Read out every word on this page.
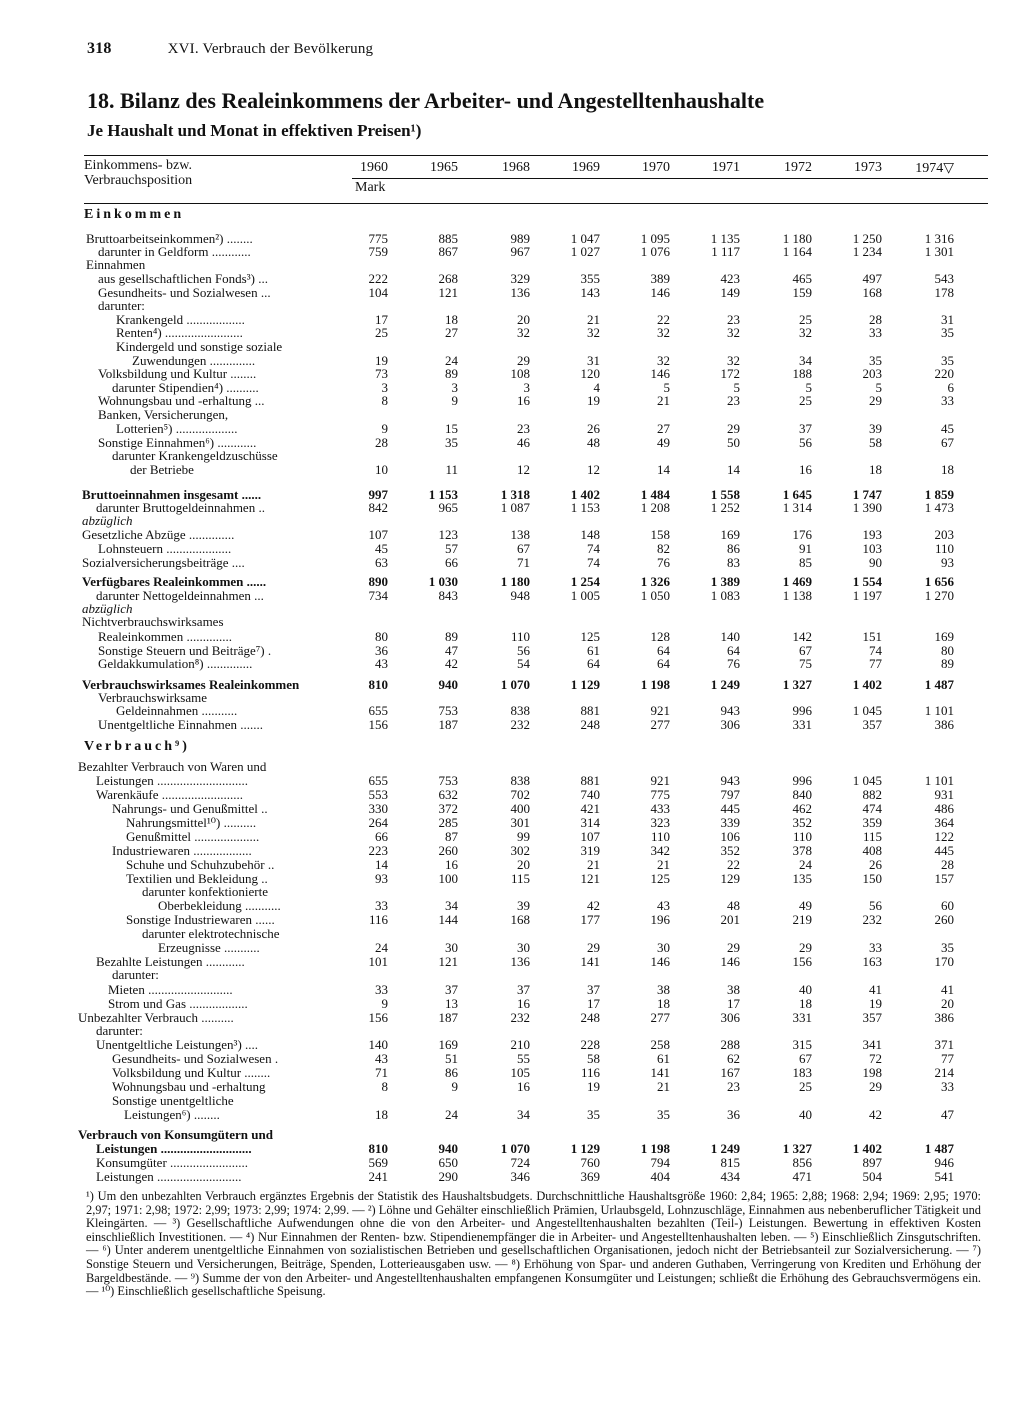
318	XVI. Verbrauch der Bevölkerung
18. Bilanz des Realeinkommens der Arbeiter- und Angestelltenhaushalte
Je Haushalt und Monat in effektiven Preisen¹)
Einkommens- bzw.
Verbrauchsposition
1960	1965	1968	1969	1970	1971	1972	1973	1974▽
Mark
Einkommen
Verbrauch⁹)
Bruttoarbeitseinkommen²) ........	775	885	989	1 047	1 095	1 135	1 180	1 250	1 316
darunter in Geldform ............	759	867	967	1 027	1 076	1 117	1 164	1 234	1 301
Einnahmen
aus gesellschaftlichen Fonds³) ...	222	268	329	355	389	423	465	497	543
Gesundheits- und Sozialwesen ...	104	121	136	143	146	149	159	168	178
darunter:
Krankengeld ..................	17	18	20	21	22	23	25	28	31
Renten⁴) ........................	25	27	32	32	32	32	32	33	35
Kindergeld und sonstige soziale
Zuwendungen ..............	19	24	29	31	32	32	34	35	35
Volksbildung und Kultur ........	73	89	108	120	146	172	188	203	220
darunter Stipendien⁴) ..........	3	3	3	4	5	5	5	5	6
Wohnungsbau und -erhaltung ...	8	9	16	19	21	23	25	29	33
Banken, Versicherungen,
Lotterien⁵) ...................	9	15	23	26	27	29	37	39	45
Sonstige Einnahmen⁶) ............	28	35	46	48	49	50	56	58	67
darunter Krankengeldzuschüsse
der Betriebe	10	11	12	12	14	14	16	18	18
Bruttoeinnahmen insgesamt ......	997	1 153	1 318	1 402	1 484	1 558	1 645	1 747	1 859
darunter Bruttogeldeinnahmen ..	842	965	1 087	1 153	1 208	1 252	1 314	1 390	1 473
abzüglich
Gesetzliche Abzüge ..............	107	123	138	148	158	169	176	193	203
Lohnsteuern ....................	45	57	67	74	82	86	91	103	110
Sozialversicherungsbeiträge ....	63	66	71	74	76	83	85	90	93
Verfügbares Realeinkommen ......	890	1 030	1 180	1 254	1 326	1 389	1 469	1 554	1 656
darunter Nettogeldeinnahmen ...	734	843	948	1 005	1 050	1 083	1 138	1 197	1 270
abzüglich
Nichtverbrauchswirksames
Realeinkommen ..............	80	89	110	125	128	140	142	151	169
Sonstige Steuern und Beiträge⁷) .	36	47	56	61	64	64	67	74	80
Geldakkumulation⁸) ..............	43	42	54	64	64	76	75	77	89
Verbrauchswirksames Realeinkommen	810	940	1 070	1 129	1 198	1 249	1 327	1 402	1 487
Verbrauchswirksame
Geldeinnahmen ...........	655	753	838	881	921	943	996	1 045	1 101
Unentgeltliche Einnahmen .......	156	187	232	248	277	306	331	357	386
Bezahlter Verbrauch von Waren und
Leistungen ............................	655	753	838	881	921	943	996	1 045	1 101
Warenkäufe .........................	553	632	702	740	775	797	840	882	931
Nahrungs- und Genußmittel ..	330	372	400	421	433	445	462	474	486
Nahrungsmittel¹⁰) ..........	264	285	301	314	323	339	352	359	364
Genußmittel ....................	66	87	99	107	110	106	110	115	122
Industriewaren ..................	223	260	302	319	342	352	378	408	445
Schuhe und Schuhzubehör ..	14	16	20	21	21	22	24	26	28
Textilien und Bekleidung ..	93	100	115	121	125	129	135	150	157
darunter konfektionierte
Oberbekleidung ...........	33	34	39	42	43	48	49	56	60
Sonstige Industriewaren ......	116	144	168	177	196	201	219	232	260
darunter elektrotechnische
Erzeugnisse ...........	24	30	30	29	30	29	29	33	35
Bezahlte Leistungen ............	101	121	136	141	146	146	156	163	170
darunter:
Mieten ..........................	33	37	37	37	38	38	40	41	41
Strom und Gas ..................	9	13	16	17	18	17	18	19	20
Unbezahlter Verbrauch ..........	156	187	232	248	277	306	331	357	386
darunter:
Unentgeltliche Leistungen³) ....	140	169	210	228	258	288	315	341	371
Gesundheits- und Sozialwesen .	43	51	55	58	61	62	67	72	77
Volksbildung und Kultur ........	71	86	105	116	141	167	183	198	214
Wohnungsbau und -erhaltung	8	9	16	19	21	23	25	29	33
Sonstige unentgeltliche
Leistungen⁶) ........	18	24	34	35	35	36	40	42	47
Verbrauch von Konsumgütern und
Leistungen ............................	810	940	1 070	1 129	1 198	1 249	1 327	1 402	1 487
Konsumgüter ........................	569	650	724	760	794	815	856	897	946
Leistungen ..........................	241	290	346	369	404	434	471	504	541
¹) Um den unbezahlten Verbrauch ergänztes Ergebnis der Statistik des Haushaltsbudgets. Durchschnittliche Haushaltsgröße 1960: 2,84; 1965: 2,88; 1968: 2,94; 1969: 2,95; 1970: 2,97; 1971: 2,98; 1972: 2,99; 1973: 2,99; 1974: 2,99. — ²) Löhne und Gehälter einschließlich Prämien, Urlaubsgeld, Lohnzuschläge, Einnahmen aus nebenberuflicher Tätigkeit und Kleingärten. — ³) Gesellschaftliche Aufwendungen ohne die von den Arbeiter- und Angestelltenhaushalten bezahlten (Teil-) Leistungen. Bewertung in effektiven Kosten einschließlich Investitionen. — ⁴) Nur Einnahmen der Renten- bzw. Stipendienempfänger die in Arbeiter- und Angestelltenhaushalten leben. — ⁵) Einschließlich Zinsgutschriften. — ⁶) Unter anderem unentgeltliche Einnahmen von sozialistischen Betrieben und gesellschaftlichen Organisationen, jedoch nicht der Betriebsanteil zur Sozialversicherung. — ⁷) Sonstige Steuern und Versicherungen, Beiträge, Spenden, Lotterieausgaben usw. — ⁸) Erhöhung von Spar- und anderen Guthaben, Verringerung von Krediten und Erhöhung der Bargeldbestände. — ⁹) Summe der von den Arbeiter- und Angestelltenhaushalten empfangenen Konsumgüter und Leistungen; schließt die Erhöhung des Gebrauchsvermögens ein. — ¹⁰) Einschließlich gesellschaftliche Speisung.
